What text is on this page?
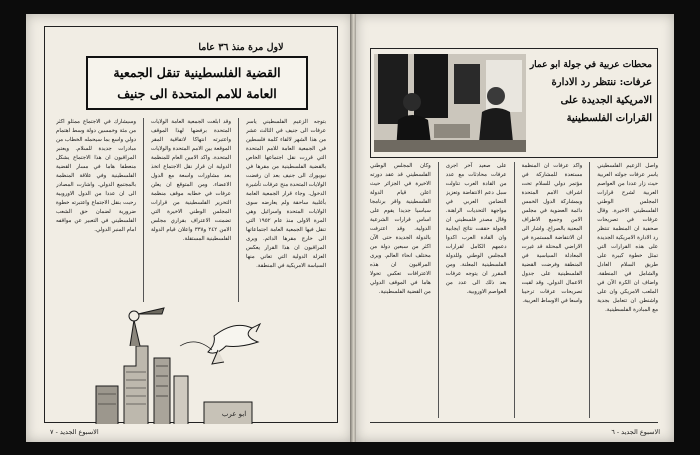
لاول مرة منذ ٣٦ عاما
القضية الفلسطينية تنقل الجمعية
العامة للامم المتحدة الى جنيف
بتوجه الزعيم الفلسطيني ياسر عرفات الى جنيف في الثالث عشر من هذا الشهر لالقاء كلمة فلسطين في الجمعية العامة للامم المتحدة التي قررت نقل اجتماعها الخاص بالقضية الفلسطينية من مقرها في نيويورك الى جنيف بعد ان رفضت الولايات المتحدة منح عرفات تأشيرة الدخول. وجاء قرار الجمعية العامة بأغلبية ساحقة ولم يعارضه سوى الولايات المتحدة واسرائيل وهي المرة الاولى منذ عام ١٩٥٢ التي تنقل فيها الجمعية العامة اجتماعاتها الى خارج مقرها الدائم. ويرى المراقبون ان هذا القرار يعكس العزلة الدولية التي تعاني منها السياسة الامريكية في المنطقة.
وقد ابلغت الجمعية العامة الولايات المتحدة برفضها لهذا الموقف واعتبرته انتهاكا لاتفاقية المقر الموقعة بين الامم المتحدة والولايات المتحدة. واكد الامين العام للمنظمة الدولية ان قرار نقل الاجتماع اتخذ بعد مشاورات واسعة مع الدول الاعضاء. ومن المتوقع ان يعلن عرفات في خطابه موقف منظمة التحرير الفلسطينية من قرارات المجلس الوطني الاخيرة التي تضمنت الاعتراف بقراري مجلس الامن ٢٤٢ و٣٣٨ واعلان قيام الدولة الفلسطينية المستقلة.
وسيشارك في الاجتماع ممثلو اكثر من مئة وخمسين دولة وسط اهتمام دولي واسع بما سيحمله الخطاب من مبادرات جديدة للسلام. ويعتبر المراقبون ان هذا الاجتماع يشكل منعطفا هاما في مسار القضية الفلسطينية وفي علاقة المنظمة بالمجتمع الدولي. واشارت المصادر الى ان عددا من الدول الاوروبية رحبت بنقل الاجتماع واعتبرته خطوة ضرورية لضمان حق الشعب الفلسطيني في التعبير عن مواقفه امام المنبر الدولي.
ابو عرب
الاسبوع الجديد - ٧
محطات عربية في جولة ابو عمار
عرفات: ننتظر رد الادارة
الامريكية الجديدة على
القرارات الفلسطينية
واصل الزعيم الفلسطيني ياسر عرفات جولته العربية حيث زار عددا من العواصم العربية لشرح قرارات المجلس الوطني الفلسطيني الاخيرة. وقال عرفات في تصريحات صحفية ان المنظمة تنتظر رد الادارة الامريكية الجديدة على هذه القرارات التي تمثل خطوة كبيرة على طريق السلام العادل والشامل في المنطقة. واضاف ان الكرة الآن في الملعب الامريكي وان على واشنطن ان تتعامل بجدية مع المبادرة الفلسطينية.
واكد عرفات ان المنظمة مستعدة للمشاركة في مؤتمر دولي للسلام تحت اشراف الامم المتحدة وبمشاركة الدول الخمس دائمة العضوية في مجلس الامن وجميع الاطراف المعنية بالصراع. واشار الى ان الانتفاضة المستمرة في الاراضي المحتلة قد غيرت المعادلة السياسية في المنطقة وفرضت القضية الفلسطينية على جدول الاعمال الدولي. وقد لقيت تصريحات عرفات ترحيبا واسعا في الاوساط العربية.
على صعيد آخر اجرى عرفات محادثات مع عدد من القادة العرب تناولت سبل دعم الانتفاضة وتعزيز التضامن العربي في مواجهة التحديات الراهنة. وقال مصدر فلسطيني ان الجولة حققت نتائج ايجابية وان القادة العرب اكدوا دعمهم الكامل لقرارات المجلس الوطني وللدولة الفلسطينية المعلنة. ومن المقرر ان يتوجه عرفات بعد ذلك الى عدد من العواصم الاوروبية.
وكان المجلس الوطني الفلسطيني قد عقد دورته الاخيرة في الجزائر حيث اعلن قيام الدولة الفلسطينية واقر برنامجا سياسيا جديدا يقوم على اساس قرارات الشرعية الدولية. وقد اعترفت بالدولة الجديدة حتى الآن اكثر من سبعين دولة من مختلف انحاء العالم. ويرى المراقبون ان هذه الاعترافات تعكس تحولا هاما في الموقف الدولي من القضية الفلسطينية.
الاسبوع الجديد - ٦
